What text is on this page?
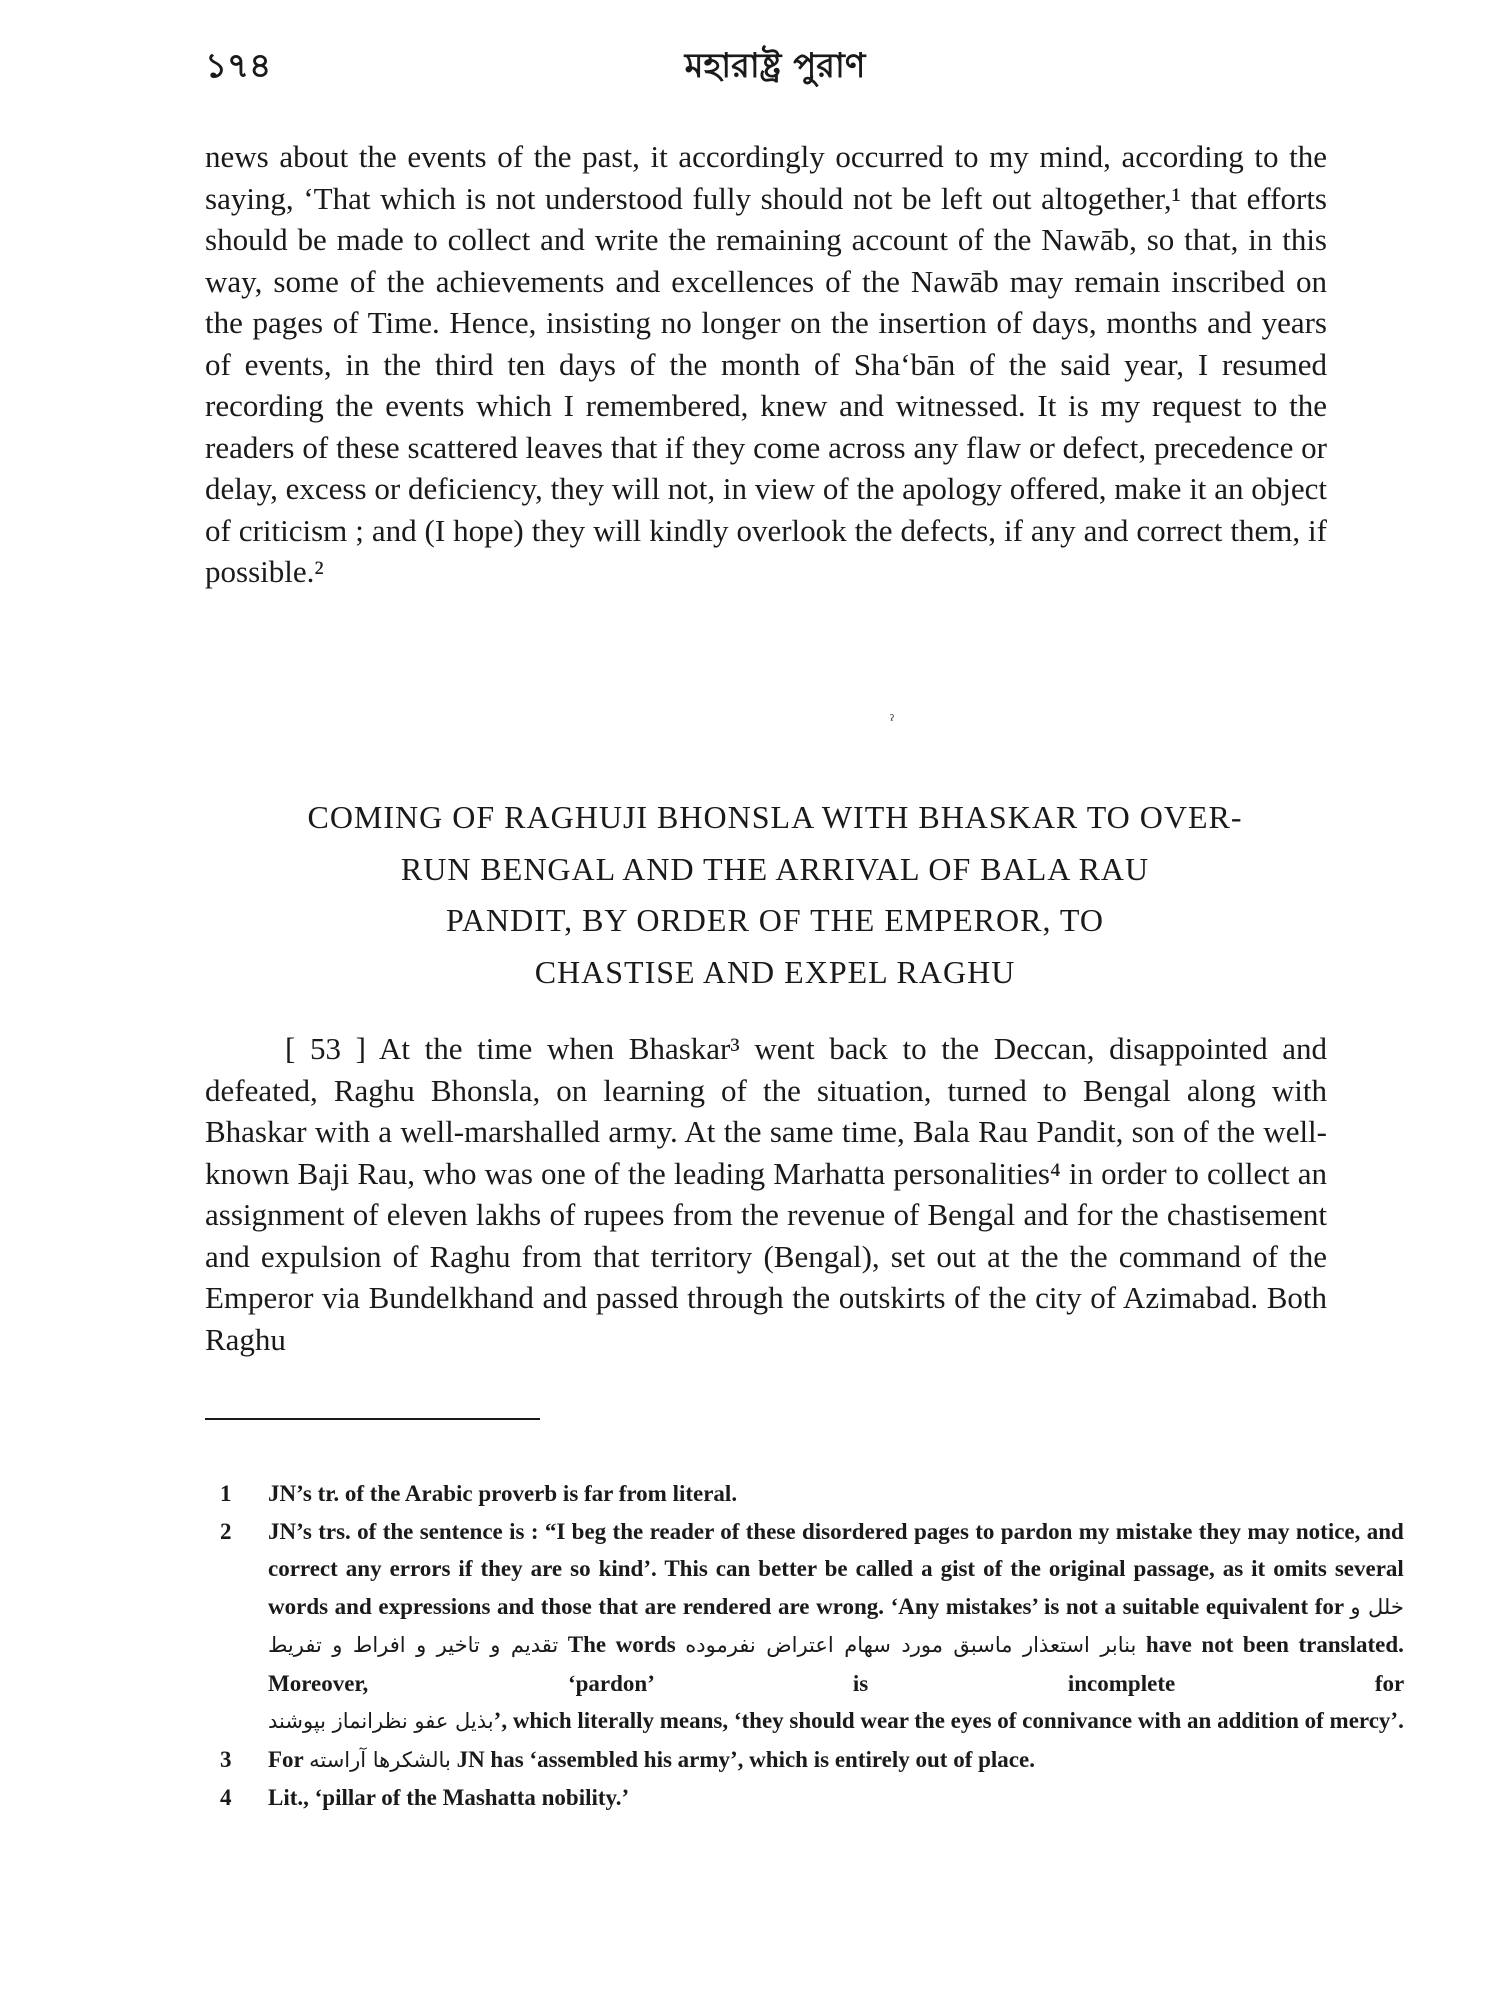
১৭৪	মহারাষ্ট্র পুরাণ

news about the events of the past, it accordingly occurred to my mind, according to the saying, ‘That which is not understood fully should not be left out altogether,¹ that efforts should be made to collect and write the remaining account of the Nawāb, so that, in this way, some of the achievements and excellences of the Nawāb may remain inscribed on the pages of Time. Hence, insisting no longer on the insertion of days, months and years of events, in the third ten days of the month of Sha‘bān of the said year, I resumed recording the events which I remembered, knew and witnessed. It is my request to the readers of these scattered leaves that if they come across any flaw or defect, precedence or delay, excess or deficiency, they will not, in view of the apology offered, make it an object of criticism ; and (I hope) they will kindly overlook the defects, if any and correct them, if possible.²

ˀ
COMING OF RAGHUJI BHONSLA WITH BHASKAR TO OVER-
RUN BENGAL AND THE ARRIVAL OF BALA RAU
PANDIT, BY ORDER OF THE EMPEROR, TO
CHASTISE AND EXPEL RAGHU

[ 53 ] At the time when Bhaskar³ went back to the Deccan, disappointed and defeated, Raghu Bhonsla, on learning of the situation, turned to Bengal along with Bhaskar with a well-marshalled army. At the same time, Bala Rau Pandit, son of the well-known Baji Rau, who was one of the leading Marhatta personalities⁴ in order to collect an assignment of eleven lakhs of rupees from the revenue of Bengal and for the chastisement and expulsion of Raghu from that territory (Bengal), set out at the the command of the Emperor via Bundelkhand and passed through the outskirts of the city of Azimabad. Both Raghu

1	JN’s tr. of the Arabic proverb is far from literal.
2	JN’s trs. of the sentence is : “I beg the reader of these disordered pages to pardon my mistake they may notice, and correct any errors if they are so kind’. This can better be called a gist of the original passage, as it omits several words and expressions and those that are rendered are wrong. ‘Any mistakes’ is not a suitable equivalent for خلل و تقديم و تاخير و افراط و تفريط The words بنابر استعذار ماسبق مورد سهام اعتراض نفرموده have not been translated. Moreover, ‘pardon’ is incomplete for بذيل عفو نظرانماز بپوشند’, which literally means, ‘they should wear the eyes of connivance with an addition of mercy’.
3	For بالشكرها آراسته JN has ‘assembled his army’, which is entirely out of place.
4	Lit., ‘pillar of the Mashatta nobility.’
